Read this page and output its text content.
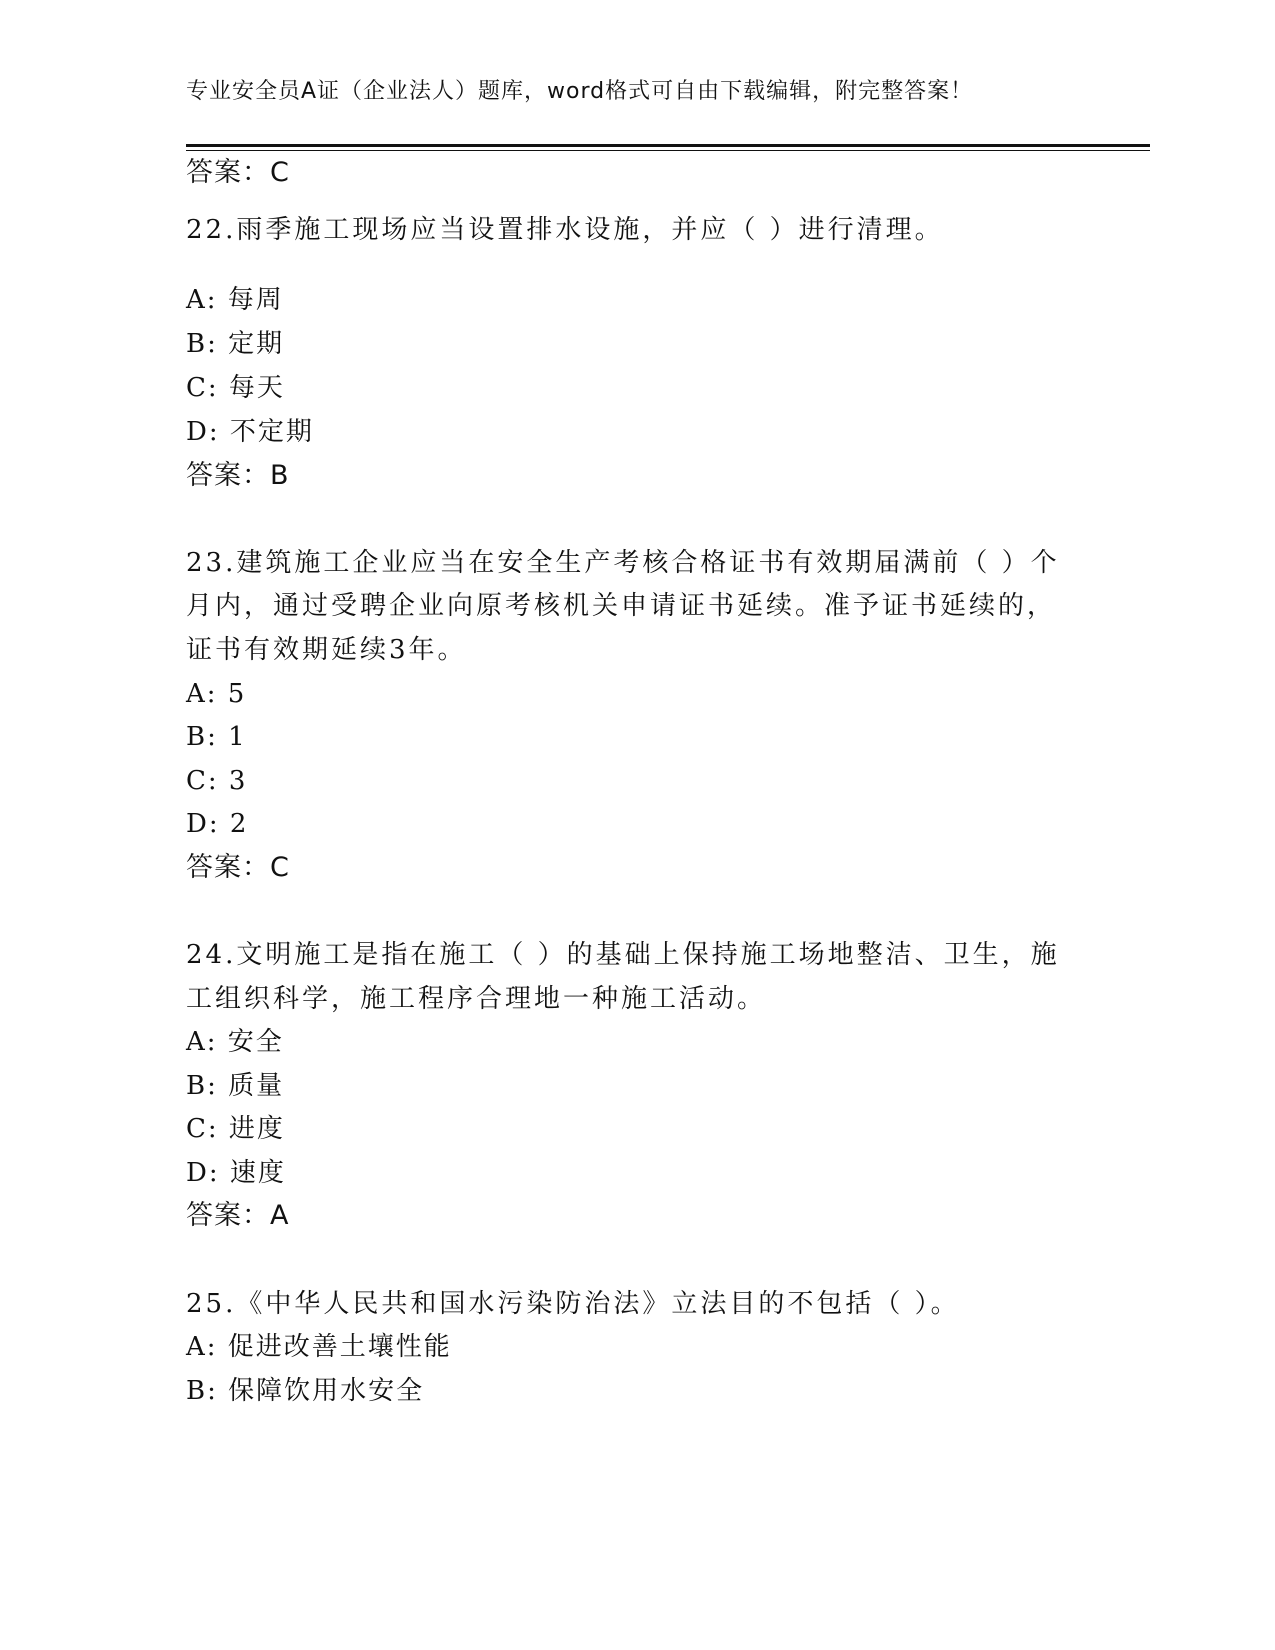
专业安全员A证（企业法人）题库，word格式可自由下载编辑，附完整答案！
答案：C
22.雨季施工现场应当设置排水设施，并应（ ）进行清理。
A: 每周
B: 定期
C: 每天
D: 不定期
答案：B
23.建筑施工企业应当在安全生产考核合格证书有效期届满前（ ）个
月内，通过受聘企业向原考核机关申请证书延续。准予证书延续的，
证书有效期延续3年。
A: 5
B: 1
C: 3
D: 2
答案：C
24.文明施工是指在施工（ ）的基础上保持施工场地整洁、卫生，施
工组织科学，施工程序合理地一种施工活动。
A: 安全
B: 质量
C: 进度
D: 速度
答案：A
25.《中华人民共和国水污染防治法》立法目的不包括（ ）。
A: 促进改善土壤性能
B: 保障饮用水安全
